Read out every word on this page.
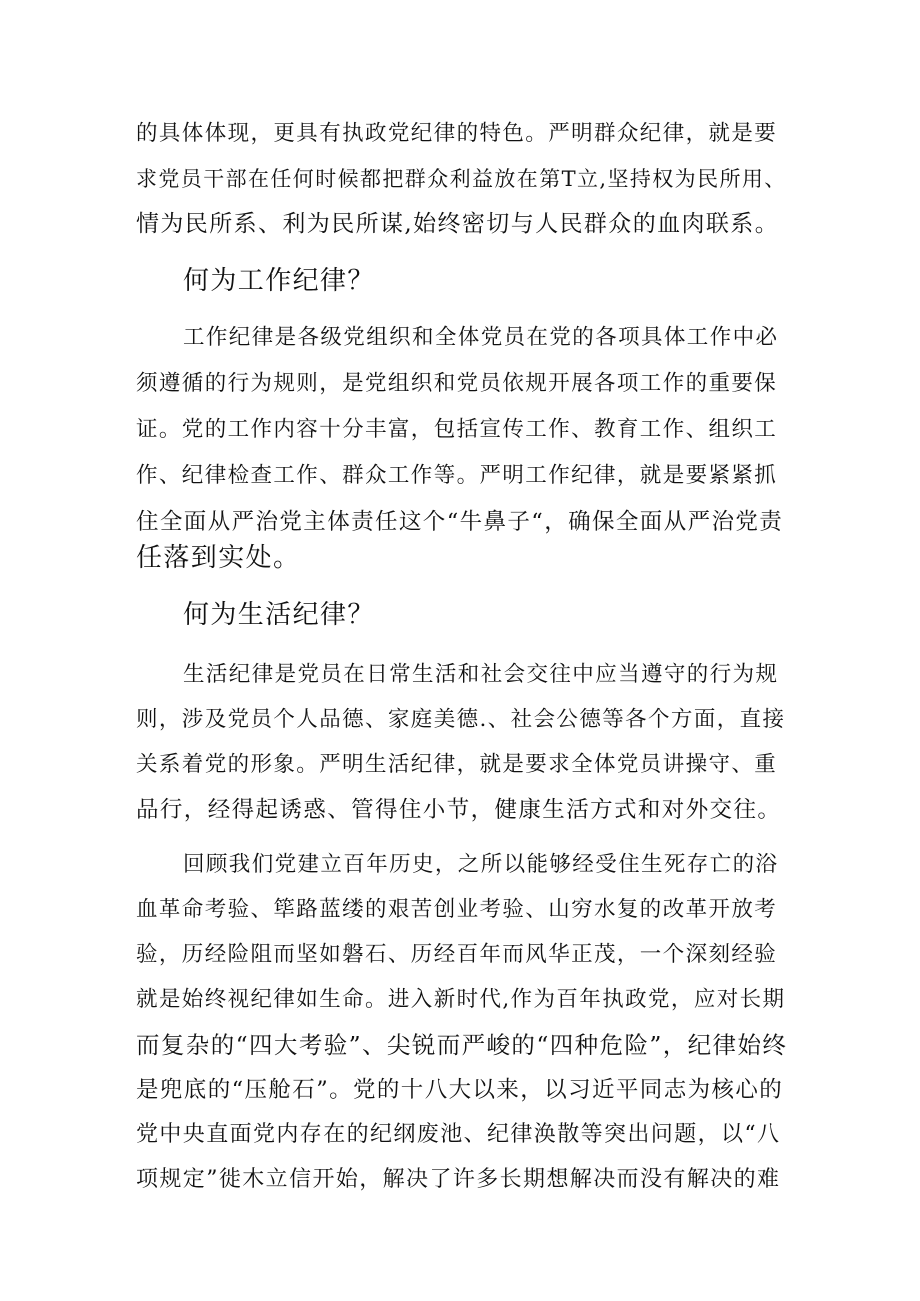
的具体体现，更具有执政党纪律的特色。严明群众纪律，就是要

求党员干部在任何时候都把群众利益放在第T立,坚持权为民所用、

情为民所系、利为民所谋,始终密切与人民群众的血肉联系。

何为工作纪律？

工作纪律是各级党组织和全体党员在党的各项具体工作中必

须遵循的行为规则，是党组织和党员依规开展各项工作的重要保

证。党的工作内容十分丰富，包括宣传工作、教育工作、组织工

作、纪律检查工作、群众工作等。严明工作纪律，就是要紧紧抓

住全面从严治党主体责任这个“牛鼻子“，确保全面从严治党责

任落到实处。

何为生活纪律？

生活纪律是党员在日常生活和社会交往中应当遵守的行为规

则，涉及党员个人品德、家庭美德.、社会公德等各个方面，直接

关系着党的形象。严明生活纪律，就是要求全体党员讲操守、重

品行，经得起诱惑、管得住小节，健康生活方式和对外交往。

回顾我们党建立百年历史，之所以能够经受住生死存亡的浴

血革命考验、筚路蓝缕的艰苦创业考验、山穷水复的改革开放考

验，历经险阻而坚如磐石、历经百年而风华正茂，一个深刻经验

就是始终视纪律如生命。进入新时代,作为百年执政党，应对长期

而复杂的“四大考验”、尖锐而严峻的“四种危险”，纪律始终

是兜底的“压舱石”。党的十八大以来，以习近平同志为核心的

党中央直面党内存在的纪纲废池、纪律涣散等突出问题，以“八

项规定”徙木立信开始，解决了许多长期想解决而没有解决的难
